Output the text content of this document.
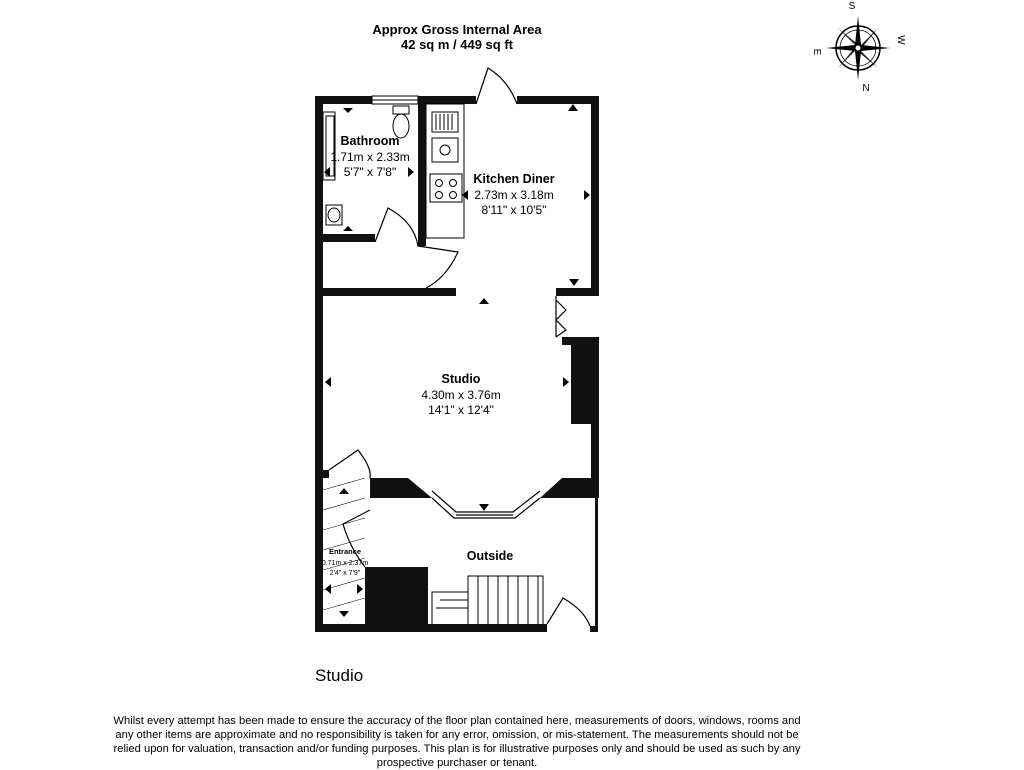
Approx Gross Internal Area
42 sq m / 449 sq ft
S
N
E
W
Bathroom
1.71m x 2.33m
5'7" x 7'8"	Kitchen Diner
2.73m x 3.18m
8'11" x 10'5"
Studio
4.30m x 3.76m
14'1" x 12'4"
Entrance
0.71m x 2.37m
2'4" x 7'9"
Outside
Studio
Whilst every attempt has been made to ensure the accuracy of the floor plan contained here, measurements of doors, windows, rooms and any other items are approximate and no responsibility is taken for any error, omission, or mis-statement. The measurements should not be relied upon for valuation, transaction and/or funding purposes. This plan is for illustrative purposes only and should be used as such by any prospective purchaser or tenant.
